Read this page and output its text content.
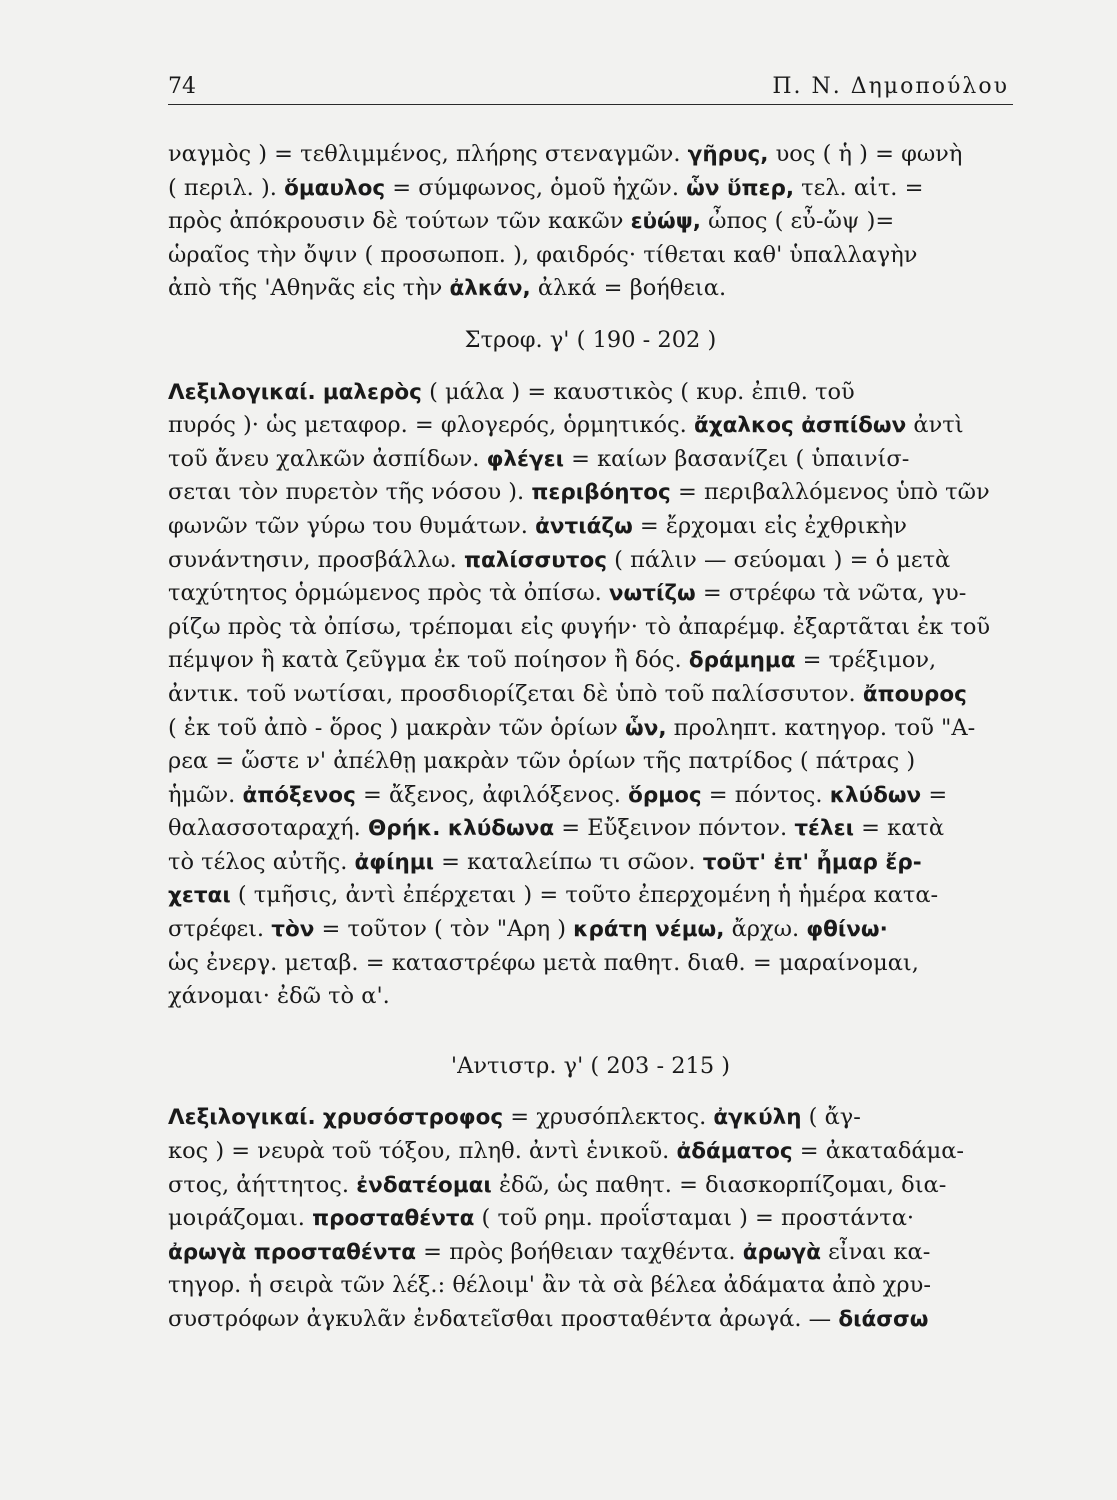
74	Π. Ν. Δημοπούλου
ναγμὸς ) = τεθλιμμένος, πλήρης στεναγμῶν. γῆρυς, υος ( ἡ ) = φωνὴ
( περιλ. ). ὅμαυλος = σύμφωνος, ὁμοῦ ἠχῶν. ὧν ὕπερ, τελ. αἰτ. =
πρὸς ἀπόκρουσιν δὲ τούτων τῶν κακῶν εὐώψ, ὦπος ( εὖ-ὤψ )=
ὡραῖος τὴν ὄψιν ( προσωποπ. ), φαιδρός· τίθεται καθ' ὑπαλλαγὴν
ἀπὸ τῆς 'Αθηνᾶς εἰς τὴν ἀλκάν, ἀλκά = βοήθεια.
Στροφ. γ' ( 190 - 202 )
Λεξιλογικαί. μαλερὸς ( μάλα ) = καυστικὸς ( κυρ. ἐπιθ. τοῦ
πυρός )· ὡς μεταφορ. = φλογερός, ὁρμητικός. ἄχαλκος ἀσπίδων ἀντὶ
τοῦ ἄνευ χαλκῶν ἀσπίδων. φλέγει = καίων βασανίζει ( ὑπαινίσ-
σεται τὸν πυρετὸν τῆς νόσου ). περιβόητος = περιβαλλόμενος ὑπὸ τῶν
φωνῶν τῶν γύρω του θυμάτων. ἀντιάζω = ἔρχομαι εἰς ἐχθρικὴν
συνάντησιν, προσβάλλω. παλίσσυτος ( πάλιν — σεύομαι ) = ὁ μετὰ
ταχύτητος ὁρμώμενος πρὸς τὰ ὀπίσω. νωτίζω = στρέφω τὰ νῶτα, γυ-
ρίζω πρὸς τὰ ὀπίσω, τρέπομαι εἰς φυγήν· τὸ ἀπαρέμφ. ἐξαρτᾶται ἐκ τοῦ
πέμψον ἢ κατὰ ζεῦγμα ἐκ τοῦ ποίησον ἢ δός. δράμημα = τρέξιμον,
ἀντικ. τοῦ νωτίσαι, προσδιορίζεται δὲ ὑπὸ τοῦ παλίσσυτον. ἄπουρος
( ἐκ τοῦ ἀπὸ - ὅρος ) μακρὰν τῶν ὁρίων ὧν, προληπτ. κατηγορ. τοῦ "Α-
ρεα = ὥστε ν' ἀπέλθῃ μακρὰν τῶν ὁρίων τῆς πατρίδος ( πάτρας )
ἡμῶν. ἀπόξενος = ἄξενος, ἀφιλόξενος. ὅρμος = πόντος. κλύδων =
θαλασσοταραχή. Θρήκ. κλύδωνα = Εὔξεινον πόντον. τέλει = κατὰ
τὸ τέλος αὐτῆς. ἀφίημι = καταλείπω τι σῶον. τοῦτ' ἐπ' ἦμαρ ἔρ-
χεται ( τμῆσις, ἀντὶ ἐπέρχεται ) = τοῦτο ἐπερχομένη ἡ ἡμέρα κατα-
στρέφει. τὸν = τοῦτον ( τὸν "Αρη ) κράτη νέμω, ἄρχω. φθίνω·
ὡς ἐνεργ. μεταβ. = καταστρέφω μετὰ παθητ. διαθ. = μαραίνομαι,
χάνομαι· ἐδῶ τὸ α'.
'Αντιστρ. γ' ( 203 - 215 )
Λεξιλογικαί. χρυσόστροφος = χρυσόπλεκτος. ἀγκύλη ( ἄγ-
κος ) = νευρὰ τοῦ τόξου, πληθ. ἀντὶ ἑνικοῦ. ἀδάματος = ἀκαταδάμα-
στος, ἀήττητος. ἐνδατέομαι ἐδῶ, ὡς παθητ. = διασκορπίζομαι, δια-
μοιράζομαι. προσταθέντα ( τοῦ ρημ. προΐσταμαι ) = προστάντα·
ἀρωγὰ προσταθέντα = πρὸς βοήθειαν ταχθέντα. ἀρωγὰ εἶναι κα-
τηγορ. ἡ σειρὰ τῶν λέξ.: θέλοιμ' ἂν τὰ σὰ βέλεα ἀδάματα ἀπὸ χρυ-
συστρόφων ἀγκυλᾶν ἐνδατεῖσθαι προσταθέντα ἀρωγά. — διάσσω
